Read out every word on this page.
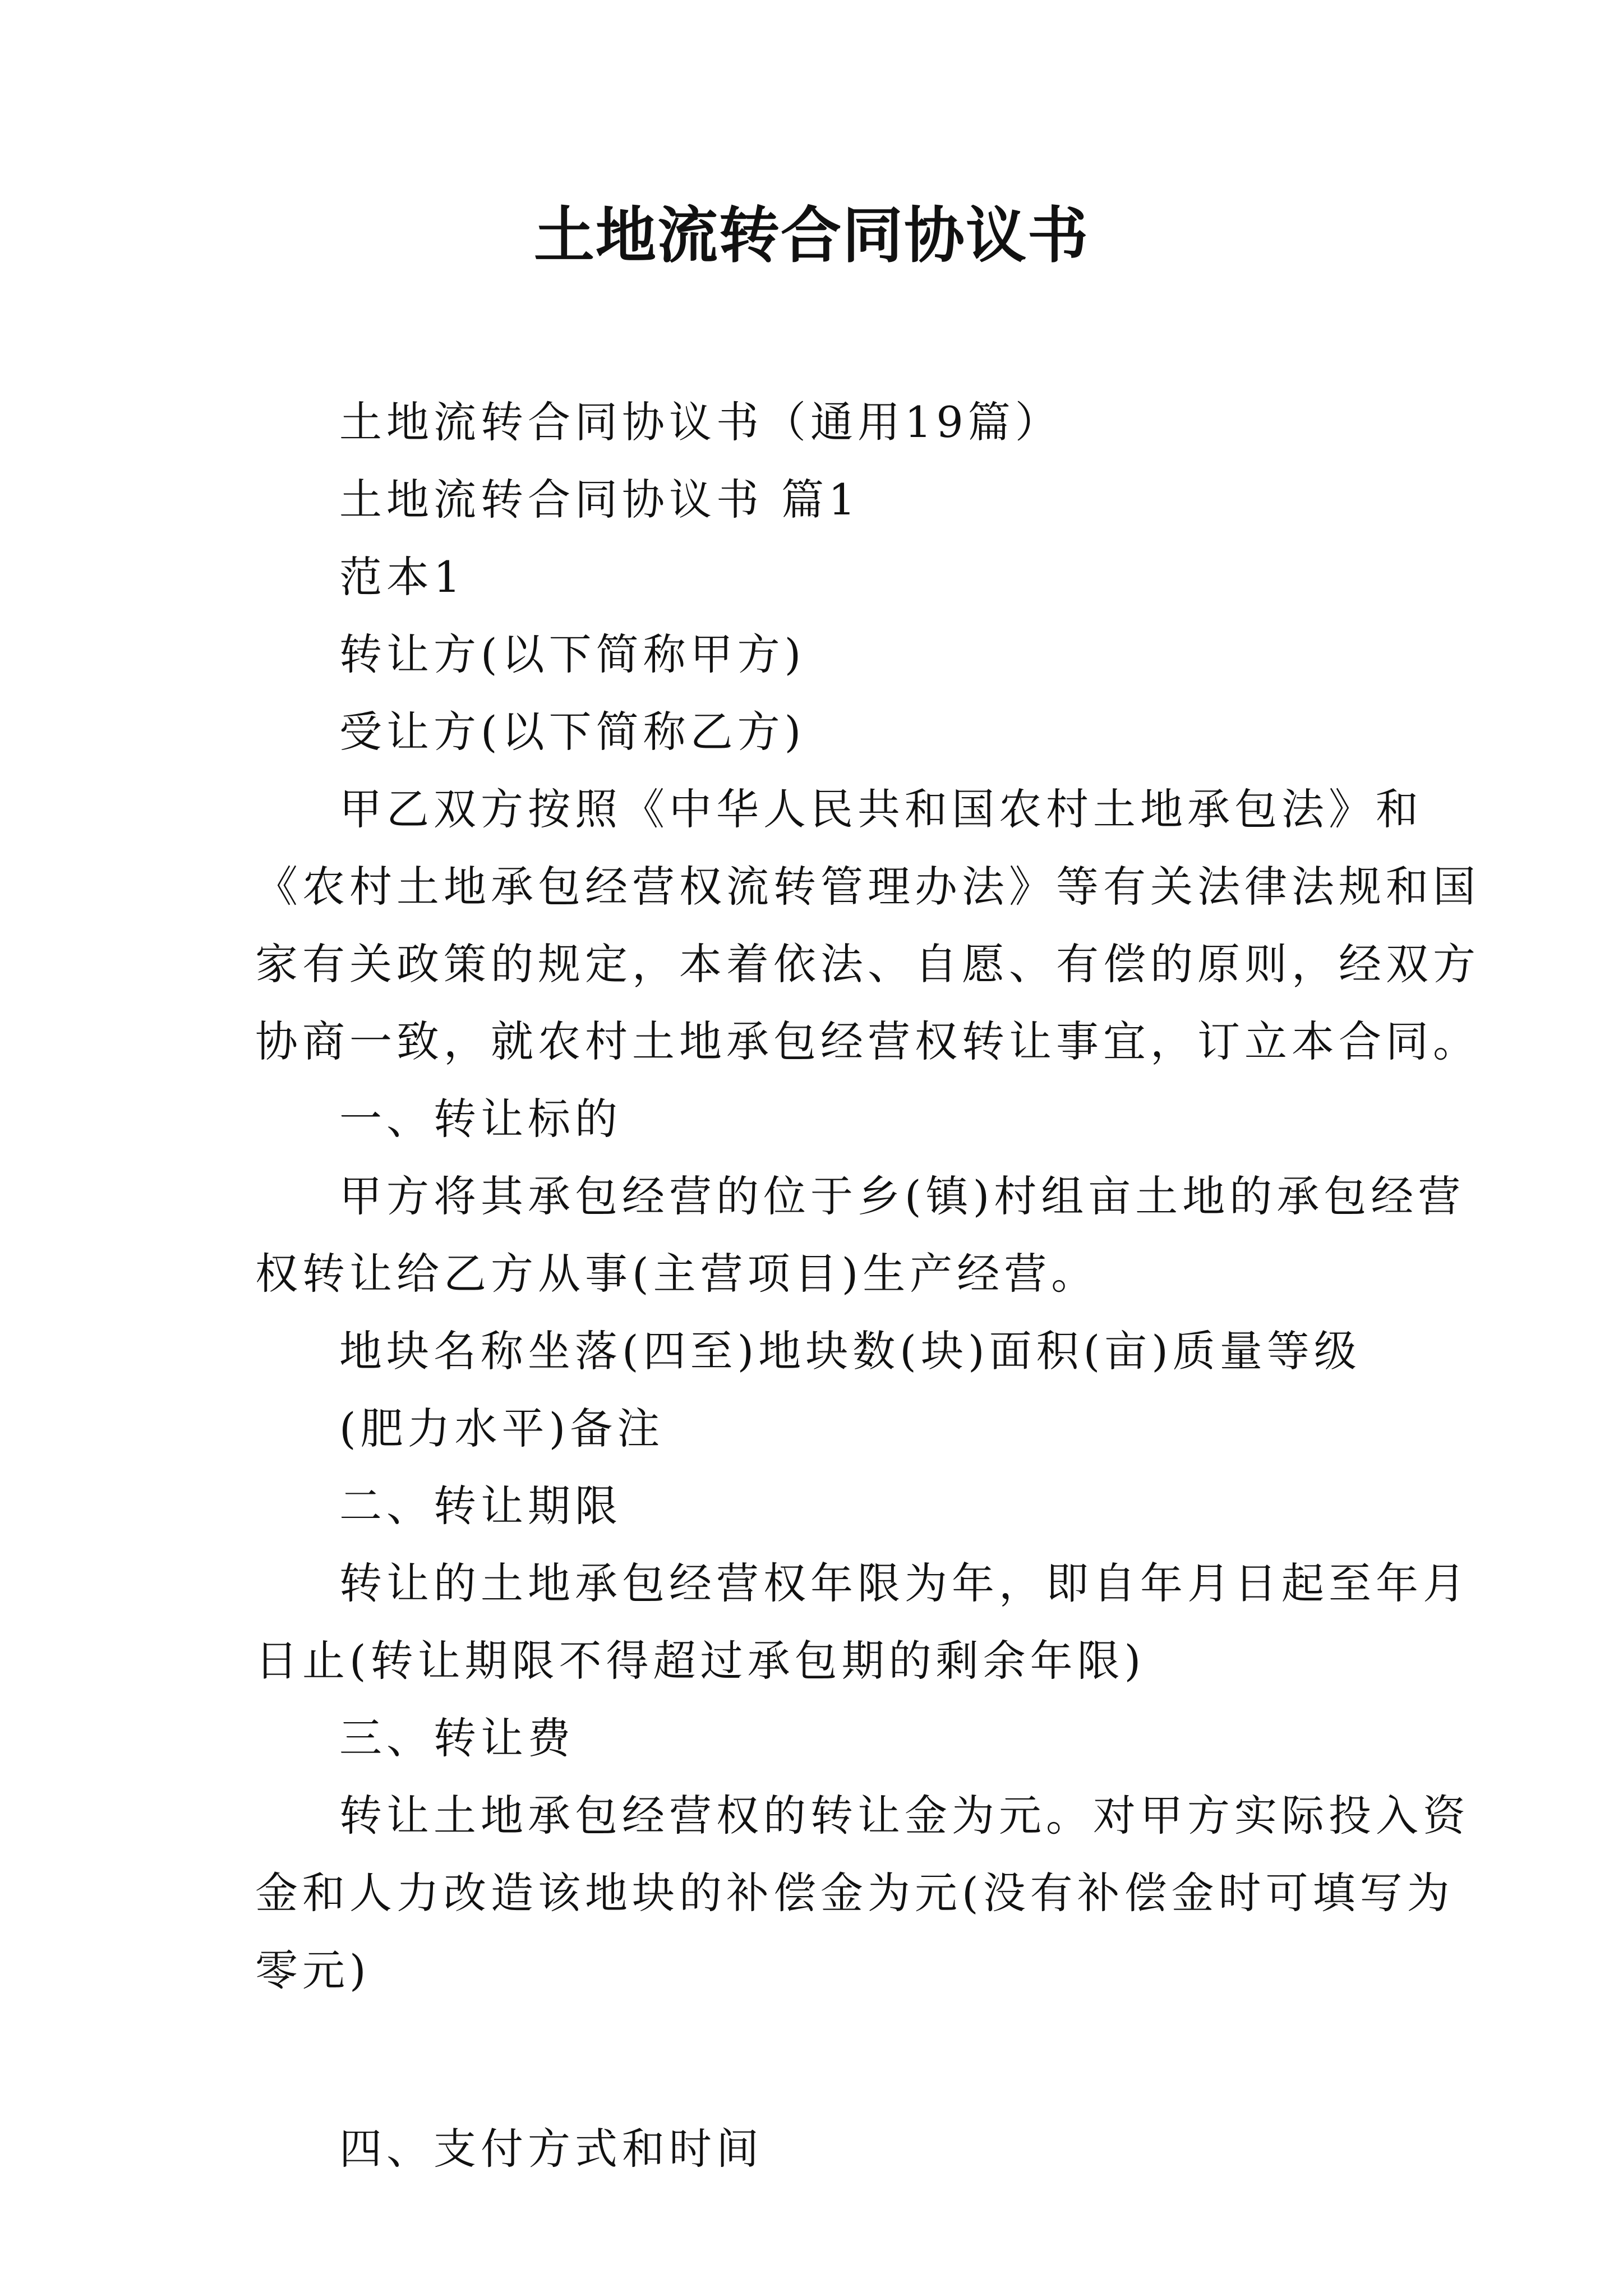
土地流转合同协议书
土地流转合同协议书（通用19篇）
土地流转合同协议书 篇1
范本1
转让方(以下简称甲方)
受让方(以下简称乙方)
甲乙双方按照《中华人民共和国农村土地承包法》和
《农村土地承包经营权流转管理办法》等有关法律法规和国
家有关政策的规定，本着依法、自愿、有偿的原则，经双方
协商一致，就农村土地承包经营权转让事宜，订立本合同。
一、转让标的
甲方将其承包经营的位于乡(镇)村组亩土地的承包经营
权转让给乙方从事(主营项目)生产经营。
地块名称坐落(四至)地块数(块)面积(亩)质量等级
(肥力水平)备注
二、转让期限
转让的土地承包经营权年限为年，即自年月日起至年月
日止(转让期限不得超过承包期的剩余年限)
三、转让费
转让土地承包经营权的转让金为元。对甲方实际投入资
金和人力改造该地块的补偿金为元(没有补偿金时可填写为
零元)
四、支付方式和时间
